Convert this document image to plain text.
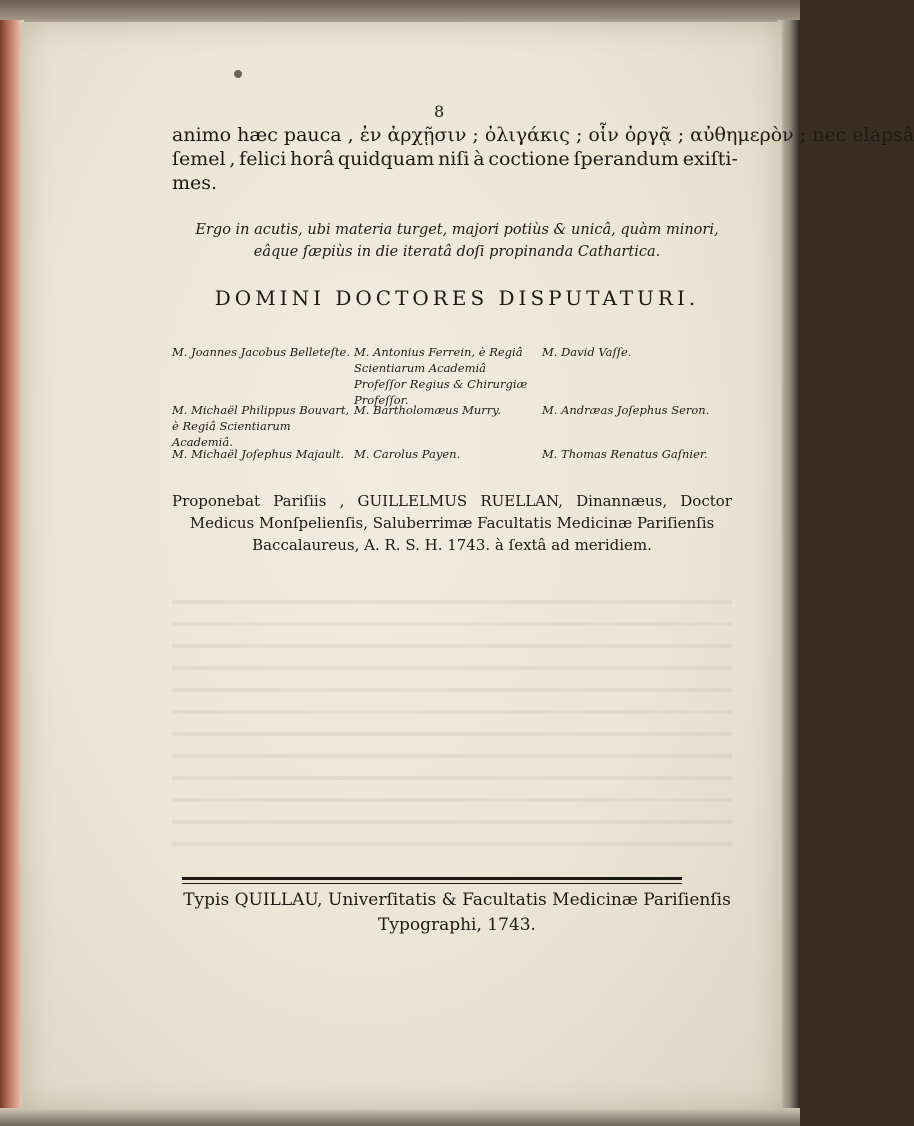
8
animo hæc pauca , ἐν ἀρχῇσιν ; ὀλιγάκις ; οἷν ὀργᾷ ; αὐθημερὸν ; nec elapsâ
ſemel , felici horâ quidquam niſi à coctione ſperandum exiſti-
mes.
Ergo in acutis, ubi materia turget, majori potiùs & unicâ, quàm minori,
eâque ſæpiùs in die iteratâ doſi propinanda Cathartica.
DOMINI DOCTORES DISPUTATURI.
M. Joannes Jacobus Belleteſte. M. Antonius Ferrein, è Regiâ Scientiarum Academiâ Profeſſor Regius & Chirurgiæ Profeſſor.
M. David Vaſſe.
M. Michaël Philippus Bouvart, è Regiâ Scientiarum Academiâ.
M. Bartholomæus Murry.	M. Andræas Joſephus Seron.
M. Michaël Joſephus Majault. M. Carolus Payen.	M. Thomas Renatus Gaſnier.
Proponebat Pariſiis , GUILLELMUS RUELLAN, Dinannæus, Doctor
Medicus Monſpelienſis, Saluberrimæ Facultatis Medicinæ Pariſienſis
Baccalaureus, A. R. S. H. 1743. à ſextâ ad meridiem.
Typis QUILLAU, Univerſitatis & Facultatis Medicinæ Pariſienſis
Typographi, 1743.
